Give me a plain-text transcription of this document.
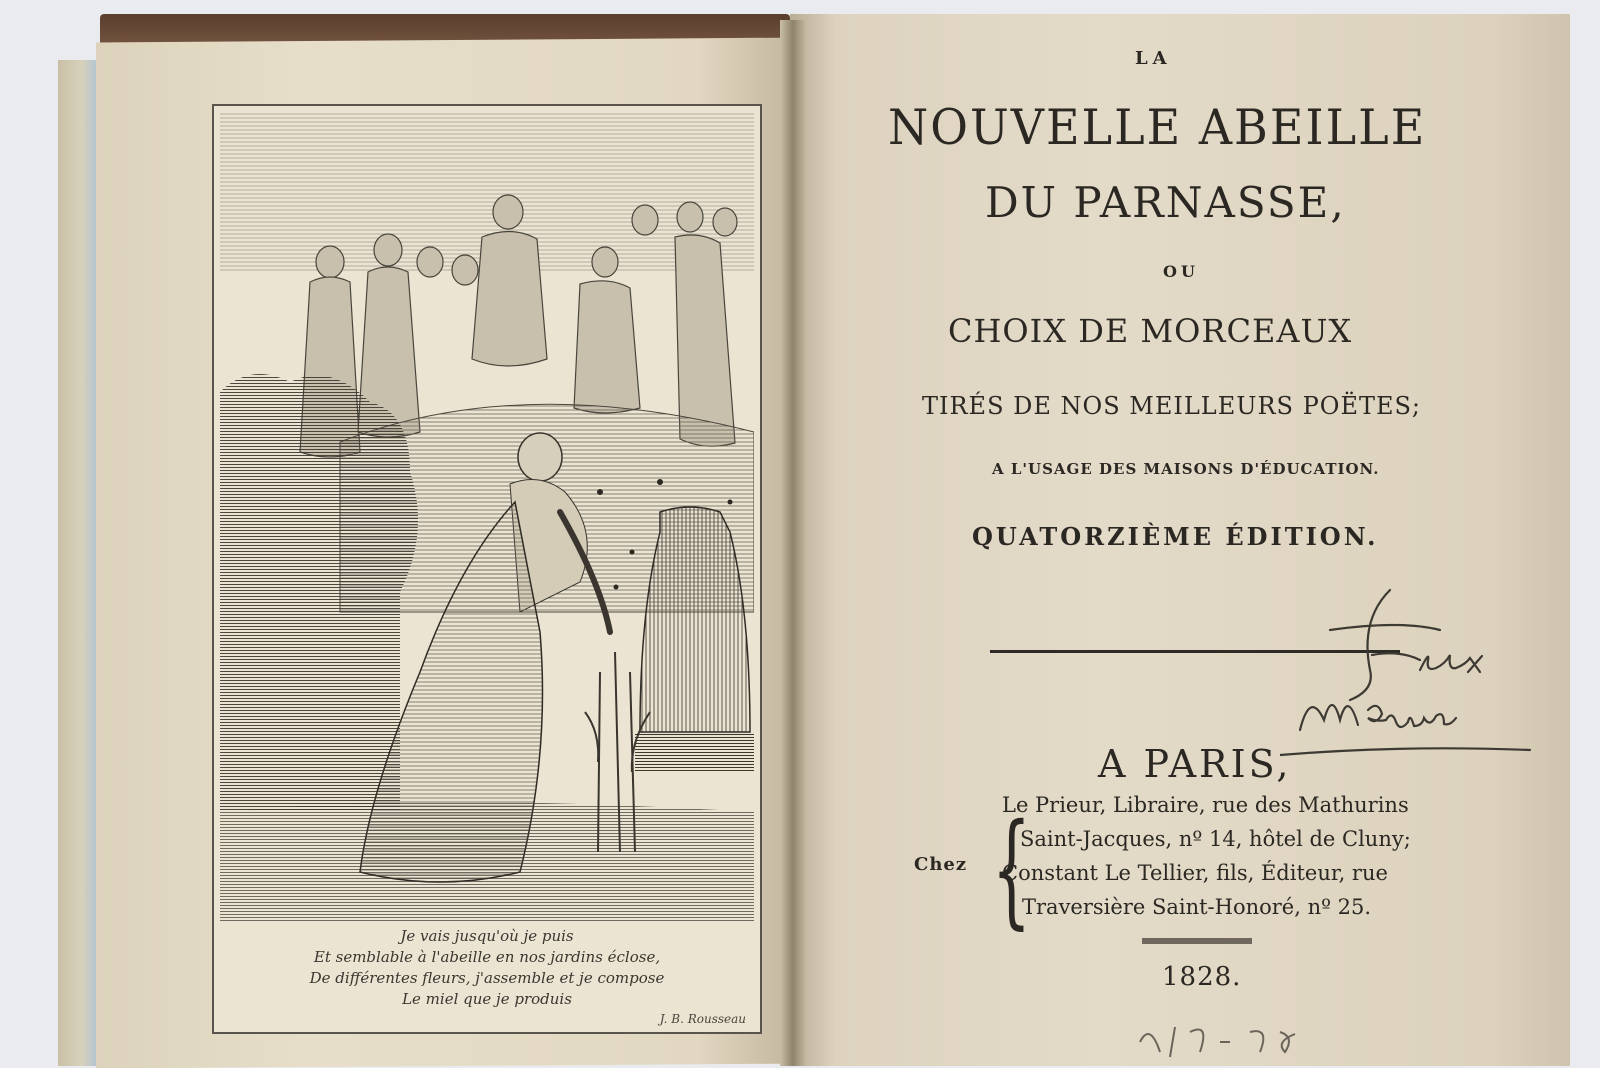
Je vais jusqu'où je puis
Et semblable à l'abeille en nos jardins éclose,
De différentes fleurs, j'assemble et je compose
Le miel que je produis
J. B. Rousseau
LA
NOUVELLE ABEILLE
DU PARNASSE,
OU
CHOIX DE MORCEAUX
TIRÉS DE NOS MEILLEURS POËTES;
A L'USAGE DES MAISONS D'ÉDUCATION.
QUATORZIÈME ÉDITION.
A PARIS,
Chez {
Le Prieur, Libraire, rue des Mathurins
Saint-Jacques, nº 14, hôtel de Cluny;
Constant Le Tellier, fils, Éditeur, rue
Traversière Saint-Honoré, nº 25.
1828.
